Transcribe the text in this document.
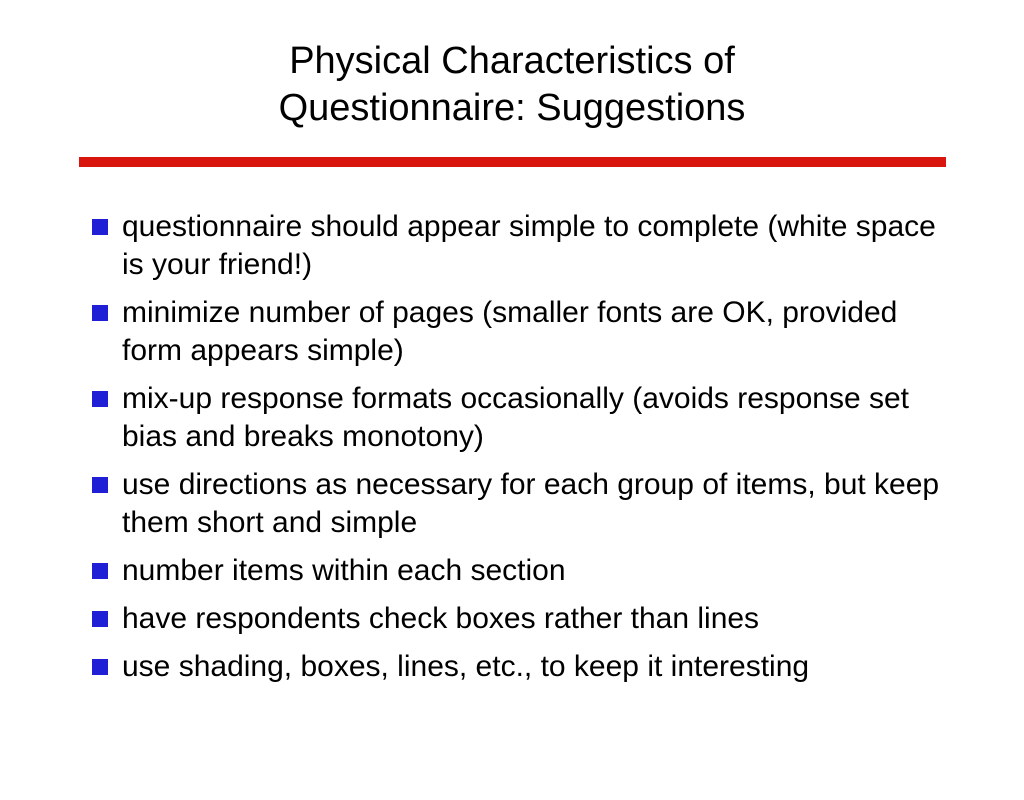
Physical Characteristics of
Questionnaire: Suggestions
questionnaire should appear simple to complete (white space is your friend!)
minimize number of pages (smaller fonts are OK, provided form appears simple)
mix-up response formats occasionally (avoids response set bias and breaks monotony)
use directions as necessary for each group of items, but keep them short and simple
number items within each section
have respondents check boxes rather than lines
use shading, boxes, lines, etc., to keep it interesting
